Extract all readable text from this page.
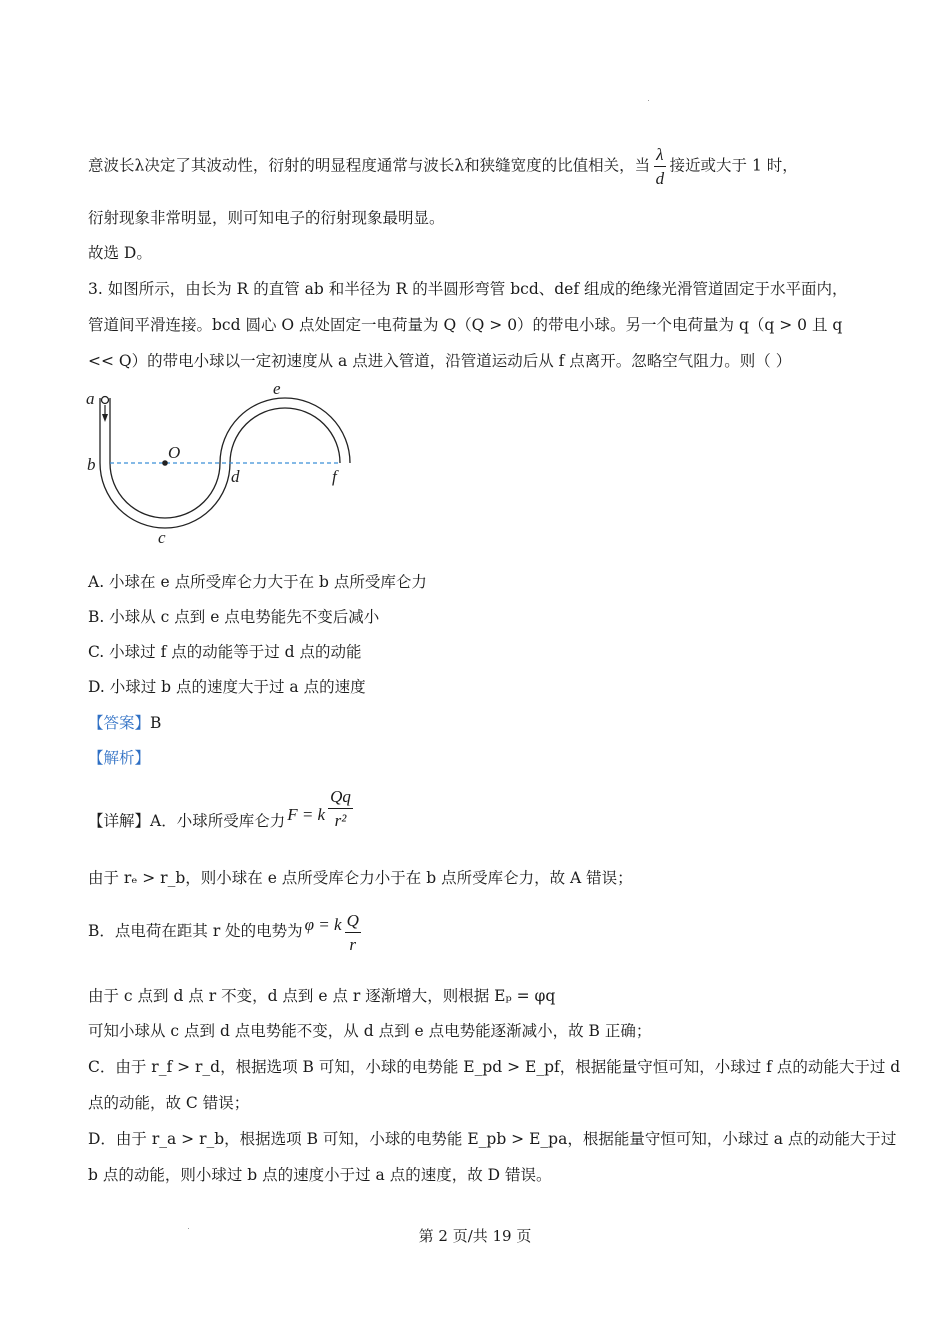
意波长λ决定了其波动性，衍射的明显程度通常与波长λ和狭缝宽度的比值相关，当 $\frac{\lambda}{d}$ 接近或大于 1 时，
衍射现象非常明显，则可知电子的衍射现象最明显。
故选 D。
3. 如图所示，由长为 R 的直管 ab 和半径为 R 的半圆形弯管 bcd、def 组成的绝缘光滑管道固定于水平面内，
管道间平滑连接。bcd 圆心 O 点处固定一电荷量为 Q（Q > 0）的带电小球。另一个电荷量为 q（q > 0 且 q
<< Q）的带电小球以一定初速度从 a 点进入管道，沿管道运动后从 f 点离开。忽略空气阻力。则（ ）
a
b
O
c
d
e
f
A. 小球在 e 点所受库仑力大于在 b 点所受库仑力
B. 小球从 c 点到 e 点电势能先不变后减小
C. 小球过 f 点的动能等于过 d 点的动能
D. 小球过 b 点的速度大于过 a 点的速度
【答案】B
【解析】
【详解】A．小球所受库仑力 F = k $\frac{Qq}{\text{r²}}$
由于 rₑ > r_b，则小球在 e 点所受库仑力小于在 b 点所受库仑力，故 A 错误；
B．点电荷在距其 r 处的电势为 φ = k $\frac{Q}{r}$
由于 c 点到 d 点 r 不变，d 点到 e 点 r 逐渐增大，则根据 Eₚ = φq
可知小球从 c 点到 d 点电势能不变，从 d 点到 e 点电势能逐渐减小，故 B 正确；
C．由于 r_f > r_d，根据选项 B 可知，小球的电势能 E_pd > E_pf，根据能量守恒可知，小球过 f 点的动能大于过 d
点的动能，故 C 错误；
D．由于 r_a > r_b，根据选项 B 可知，小球的电势能 E_pb > E_pa，根据能量守恒可知，小球过 a 点的动能大于过
b 点的动能，则小球过 b 点的速度小于过 a 点的速度，故 D 错误。
第 2 页/共 19 页
